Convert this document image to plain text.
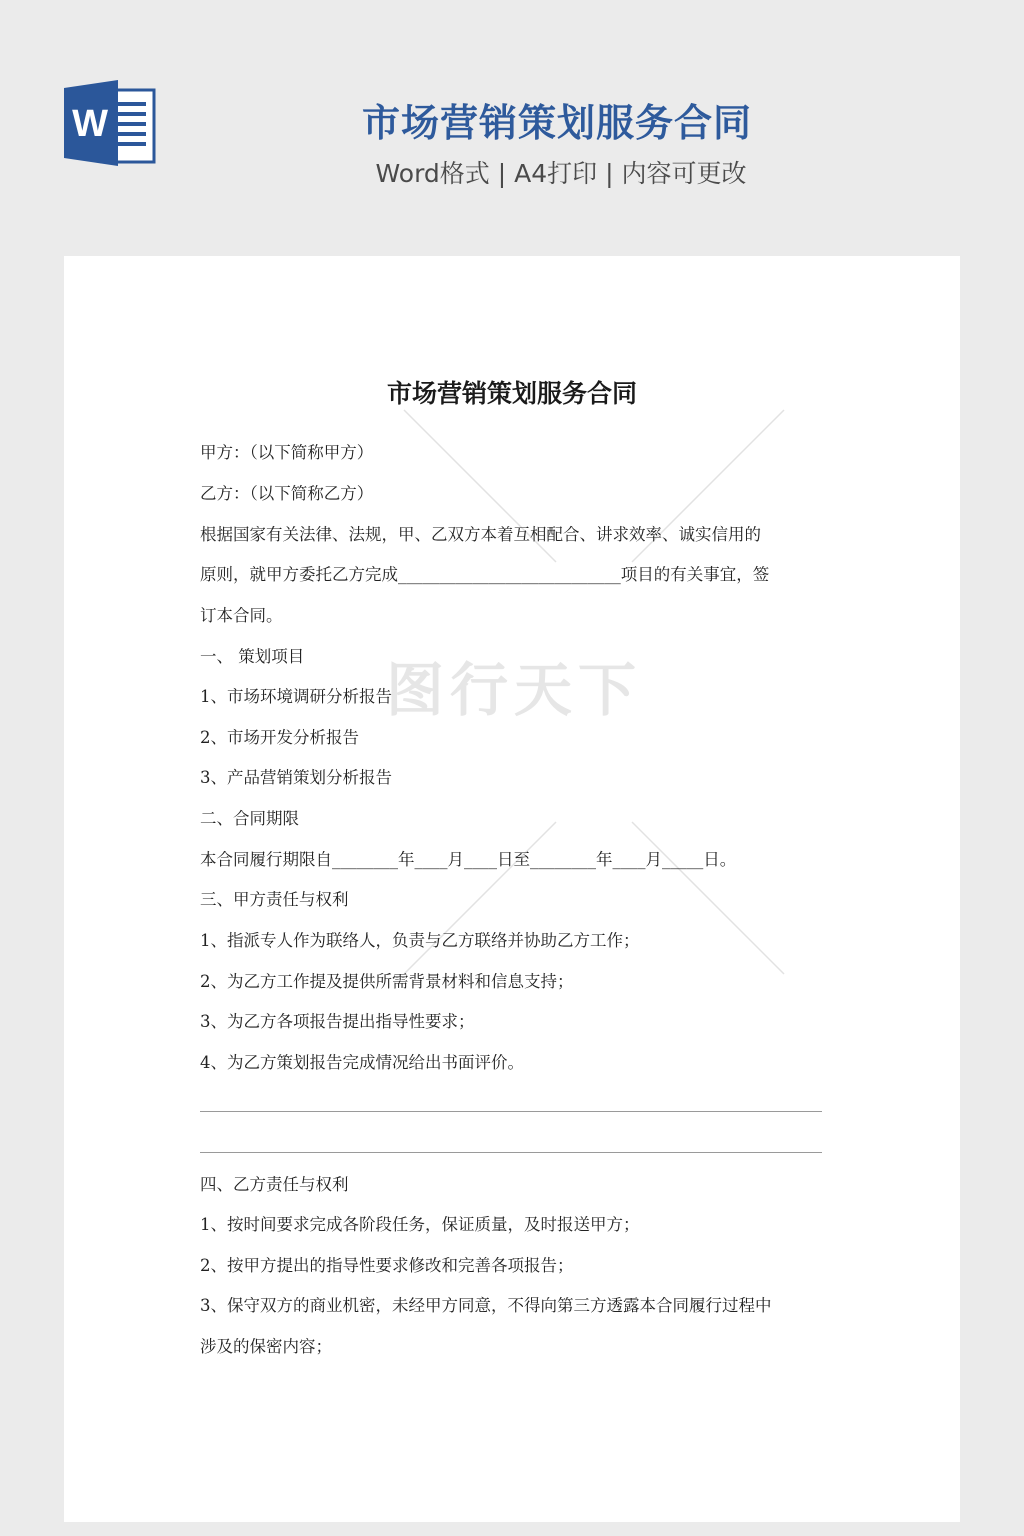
W	市场营销策划服务合同
Word格式 | A4打印 | 内容可更改
图行天下
市场营销策划服务合同
甲方：（以下简称甲方）
乙方：（以下简称乙方）
根据国家有关法律、法规，甲、乙双方本着互相配合、讲求效率、诚实信用的
原则，就甲方委托乙方完成___________________________项目的有关事宜，签
订本合同。
一、 策划项目
1、市场环境调研分析报告
2、市场开发分析报告
3、产品营销策划分析报告
二、合同期限
本合同履行期限自________年____月____日至________年____月_____日。
三、甲方责任与权利
1、指派专人作为联络人，负责与乙方联络并协助乙方工作；
2、为乙方工作提及提供所需背景材料和信息支持；
3、为乙方各项报告提出指导性要求；
4、为乙方策划报告完成情况给出书面评价。
四、乙方责任与权利
1、按时间要求完成各阶段任务，保证质量，及时报送甲方；
2、按甲方提出的指导性要求修改和完善各项报告；
3、保守双方的商业机密，未经甲方同意，不得向第三方透露本合同履行过程中
涉及的保密内容；
